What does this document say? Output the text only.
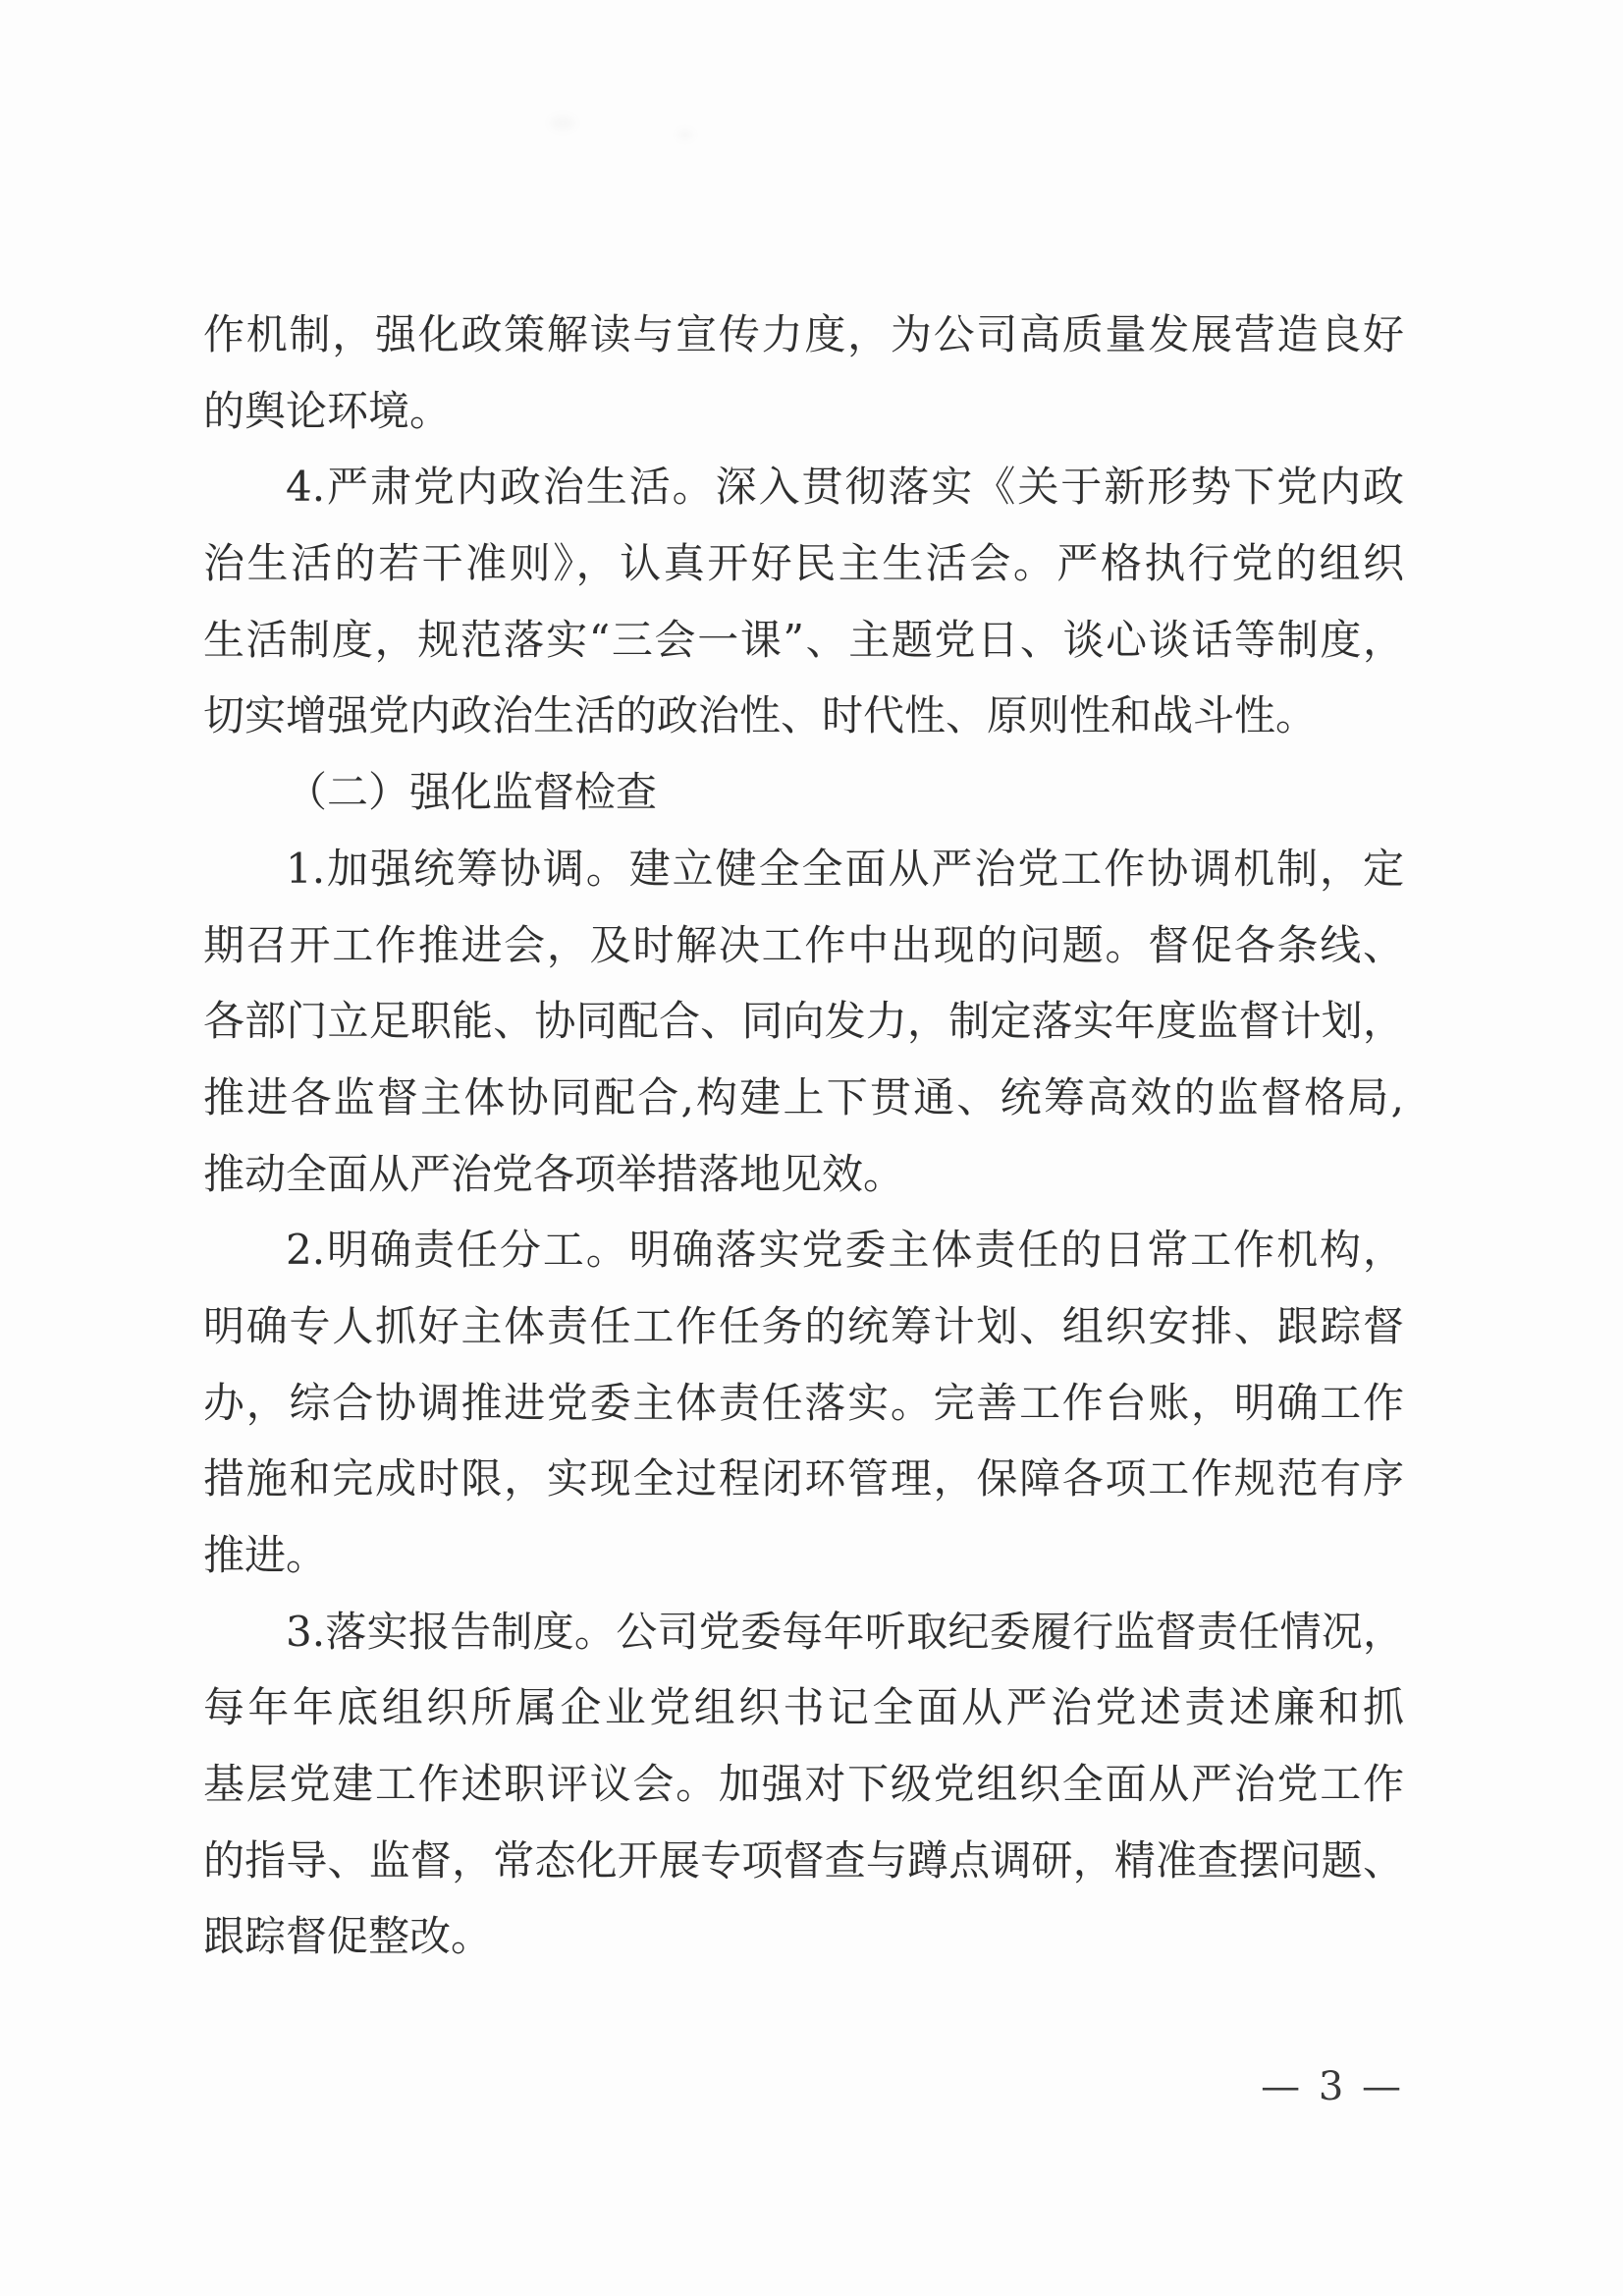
作机制，强化政策解读与宣传力度，为公司高质量发展营造良好
的舆论环境。
4.严肃党内政治生活。深入贯彻落实《关于新形势下党内政
治生活的若干准则》，认真开好民主生活会。严格执行党的组织
生活制度，规范落实“三会一课”、主题党日、谈心谈话等制度，
切实增强党内政治生活的政治性、时代性、原则性和战斗性。
（二）强化监督检查
1.加强统筹协调。建立健全全面从严治党工作协调机制，定
期召开工作推进会，及时解决工作中出现的问题。督促各条线、
各部门立足职能、协同配合、同向发力，制定落实年度监督计划，
推进各监督主体协同配合,构建上下贯通、统筹高效的监督格局,
推动全面从严治党各项举措落地见效。
2.明确责任分工。明确落实党委主体责任的日常工作机构，
明确专人抓好主体责任工作任务的统筹计划、组织安排、跟踪督
办，综合协调推进党委主体责任落实。完善工作台账，明确工作
措施和完成时限，实现全过程闭环管理，保障各项工作规范有序
推进。
3.落实报告制度。公司党委每年听取纪委履行监督责任情况，
每年年底组织所属企业党组织书记全面从严治党述责述廉和抓
基层党建工作述职评议会。加强对下级党组织全面从严治党工作
的指导、监督，常态化开展专项督查与蹲点调研，精准查摆问题、
跟踪督促整改。
— 3 —
